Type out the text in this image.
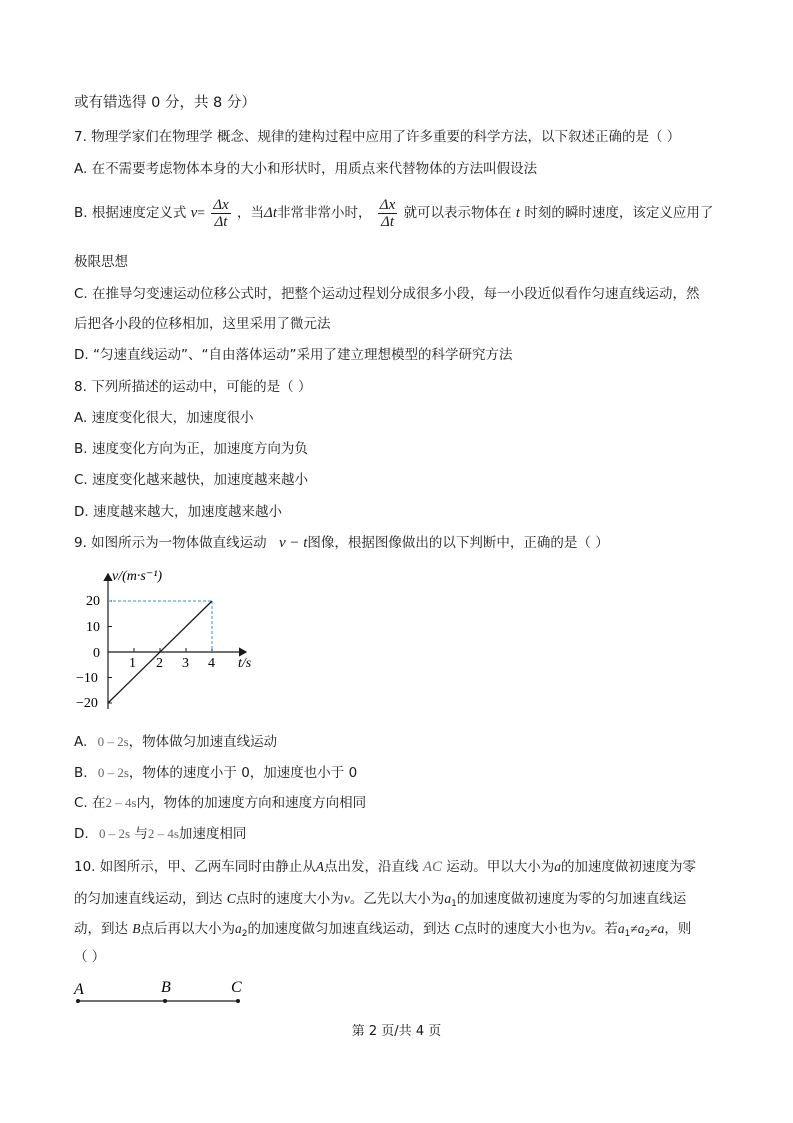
或有错选得 0 分，共 8 分）
7. 物理学家们在物理学 概念、规律的建构过程中应用了许多重要的科学方法，以下叙述正确的是（ ）
A. 在不需要考虑物体本身的大小和形状时，用质点来代替物体的方法叫假设法
B. 根据速度定义式 $v= \frac{\Delta x}{\Delta t}$ ，当Δt非常非常小时， $\frac{\Delta x}{\Delta t}$ 就可以表示物体在 t 时刻的瞬时速度，该定义应用了
极限思想
C. 在推导匀变速运动位移公式时，把整个运动过程划分成很多小段，每一小段近似看作匀速直线运动，然
后把各小段的位移相加，这里采用了微元法
D. “匀速直线运动”、“自由落体运动”采用了建立理想模型的科学研究方法
8. 下列所描述的运动中，可能的是（ ）
A. 速度变化很大，加速度很小
B. 速度变化方向为正，加速度方向为负
C. 速度变化越来越快，加速度越来越小
D. 速度越来越大，加速度越来越小
9. 如图所示为一物体做直线运动 v − t图像，根据图像做出的以下判断中，正确的是（ ）
v/(m·s⁻¹)
t/s
20
10
0
−10
−20
1 2 3 4
A. 0 – 2s，物体做匀加速直线运动
B. 0 – 2s，物体的速度小于 0，加速度也小于 0
C. 在2 – 4s内，物体的加速度方向和速度方向相同
D. 0 – 2s 与2 – 4s加速度相同
10. 如图所示，甲、乙两车同时由静止从A点出发，沿直线 AC 运动。甲以大小为a的加速度做初速度为零
的匀加速直线运动，到达 C点时的速度大小为v。乙先以大小为$a_1$的加速度做初速度为零的匀加速直线运
动，到达 B点后再以大小为$a_2$的加速度做匀加速直线运动，到达 C点时的速度大小也为v。若$a_1\ne a_2\ne a$，则
（ ）
A	B	C
第 2 页/共 4 页
